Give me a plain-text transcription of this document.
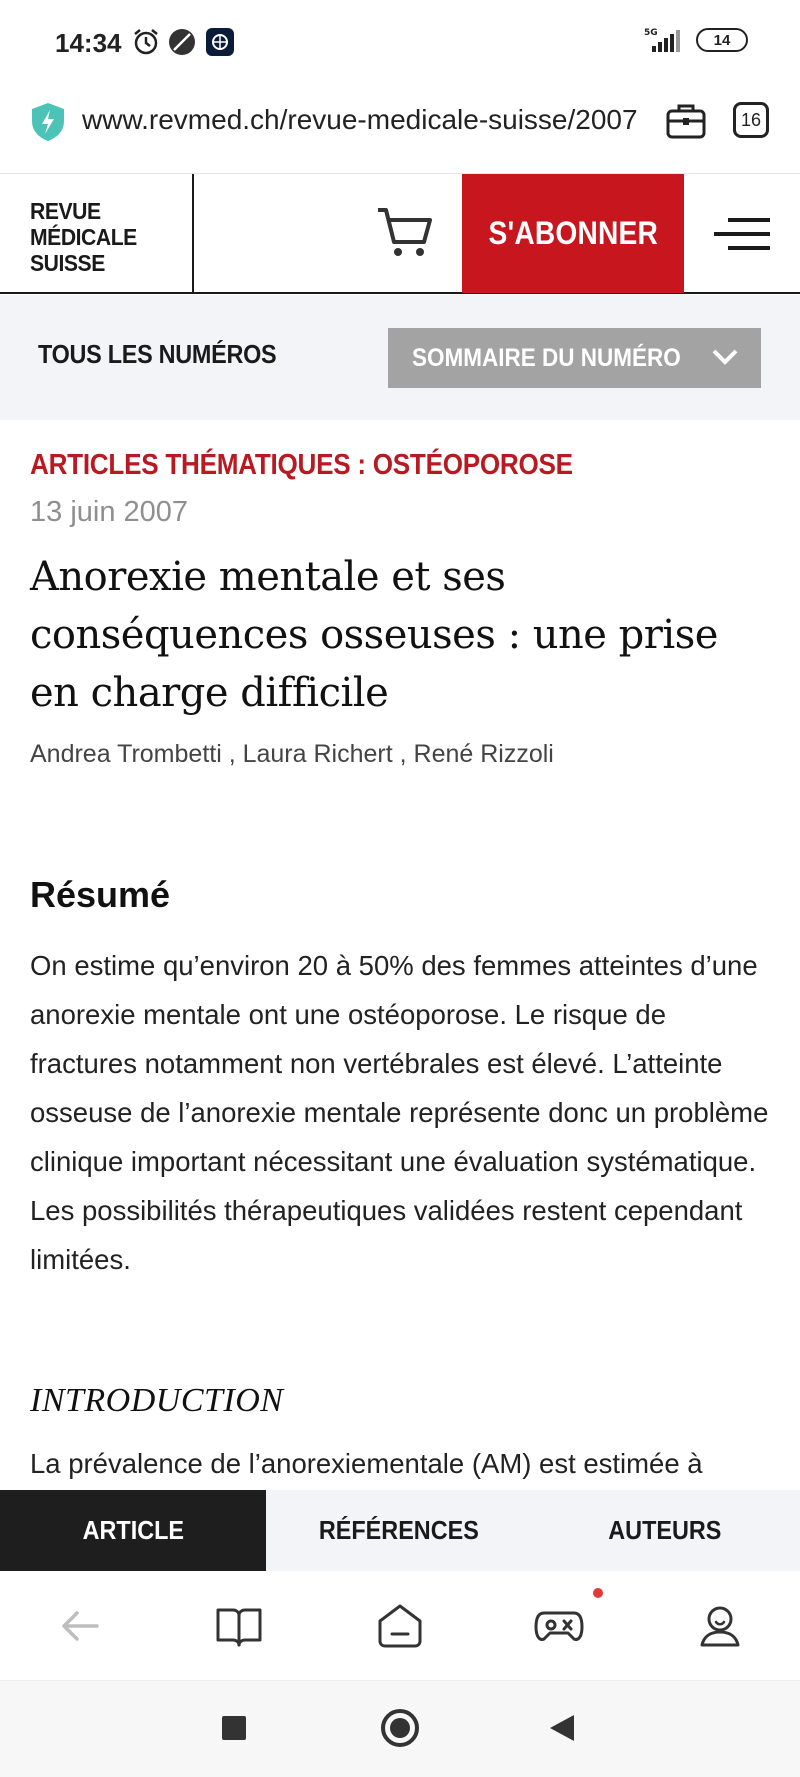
14:34	5G	14
www.revmed.ch/revue-medicale-suisse/2007	16
REVUE
MÉDICALE
SUISSE
S'ABONNER
TOUS LES NUMÉROS	SOMMAIRE DU NUMÉRO
ARTICLES THÉMATIQUES : OSTÉOPOROSE
13 juin 2007
Anorexie mentale et ses conséquences osseuses : une prise en charge difficile
Andrea Trombetti , Laura Richert , René Rizzoli
Résumé

On estime qu’environ 20 à 50% des femmes atteintes d’une anorexie mentale ont une ostéoporose. Le risque de fractures notamment non vertébrales est élevé. L’atteinte osseuse de l’anorexie mentale représente donc un problème clinique important nécessitant une évaluation systématique. Les possibilités thérapeutiques validées restent cependant limitées.

INTRODUCTION

La prévalence de l’anorexiementale (AM) est estimée à

ARTICLE	RÉFÉRENCES	AUTEURS
